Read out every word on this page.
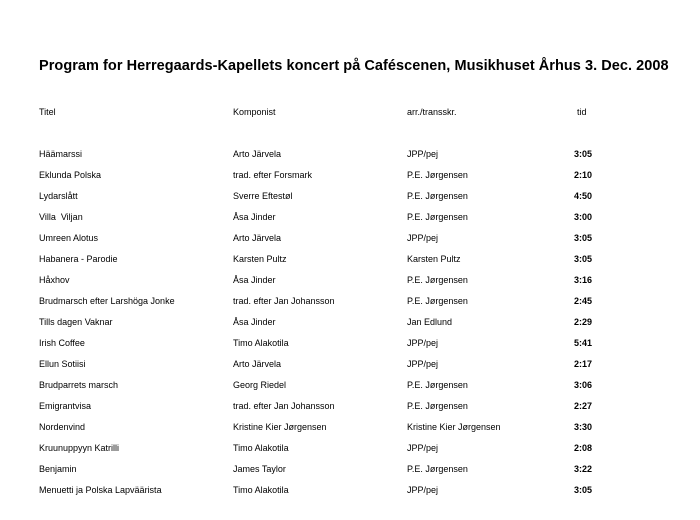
Program for Herregaards-Kapellets koncert på Caféscenen, Musikhuset Århus 3. Dec. 2008
Titel	Komponist	arr./transskr.	tid
Häämarssi	Arto Järvela	JPP/pej	3:05
Eklunda Polska	trad. efter Forsmark	P.E. Jørgensen	2:10
Lydarslått	Sverre Eftestøl	P.E. Jørgensen	4:50
Villa  Viljan	Åsa Jinder	P.E. Jørgensen	3:00
Umreen Alotus	Arto Järvela	JPP/pej	3:05
Habanera - Parodie	Karsten Pultz	Karsten Pultz	3:05
Håxhov	Åsa Jinder	P.E. Jørgensen	3:16
Brudmarsch efter Larshöga Jonke	trad. efter Jan Johansson	P.E. Jørgensen	2:45
Tills dagen Vaknar	Åsa Jinder	Jan Edlund	2:29
Irish Coffee	Timo Alakotila	JPP/pej	5:41
Ellun Sotiisi	Arto Järvela	JPP/pej	2:17
Brudparrets marsch	Georg Riedel	P.E. Jørgensen	3:06
Emigrantvisa	trad. efter Jan Johansson	P.E. Jørgensen	2:27
Nordenvind	Kristine Kier Jørgensen	Kristine Kier Jørgensen	3:30
Kruunuppyyn Katrilli	Timo Alakotila	JPP/pej	2:08
Benjamin	James Taylor	P.E. Jørgensen	3:22
Menuetti ja Polska Lapväärista	Timo Alakotila	JPP/pej	3:05
